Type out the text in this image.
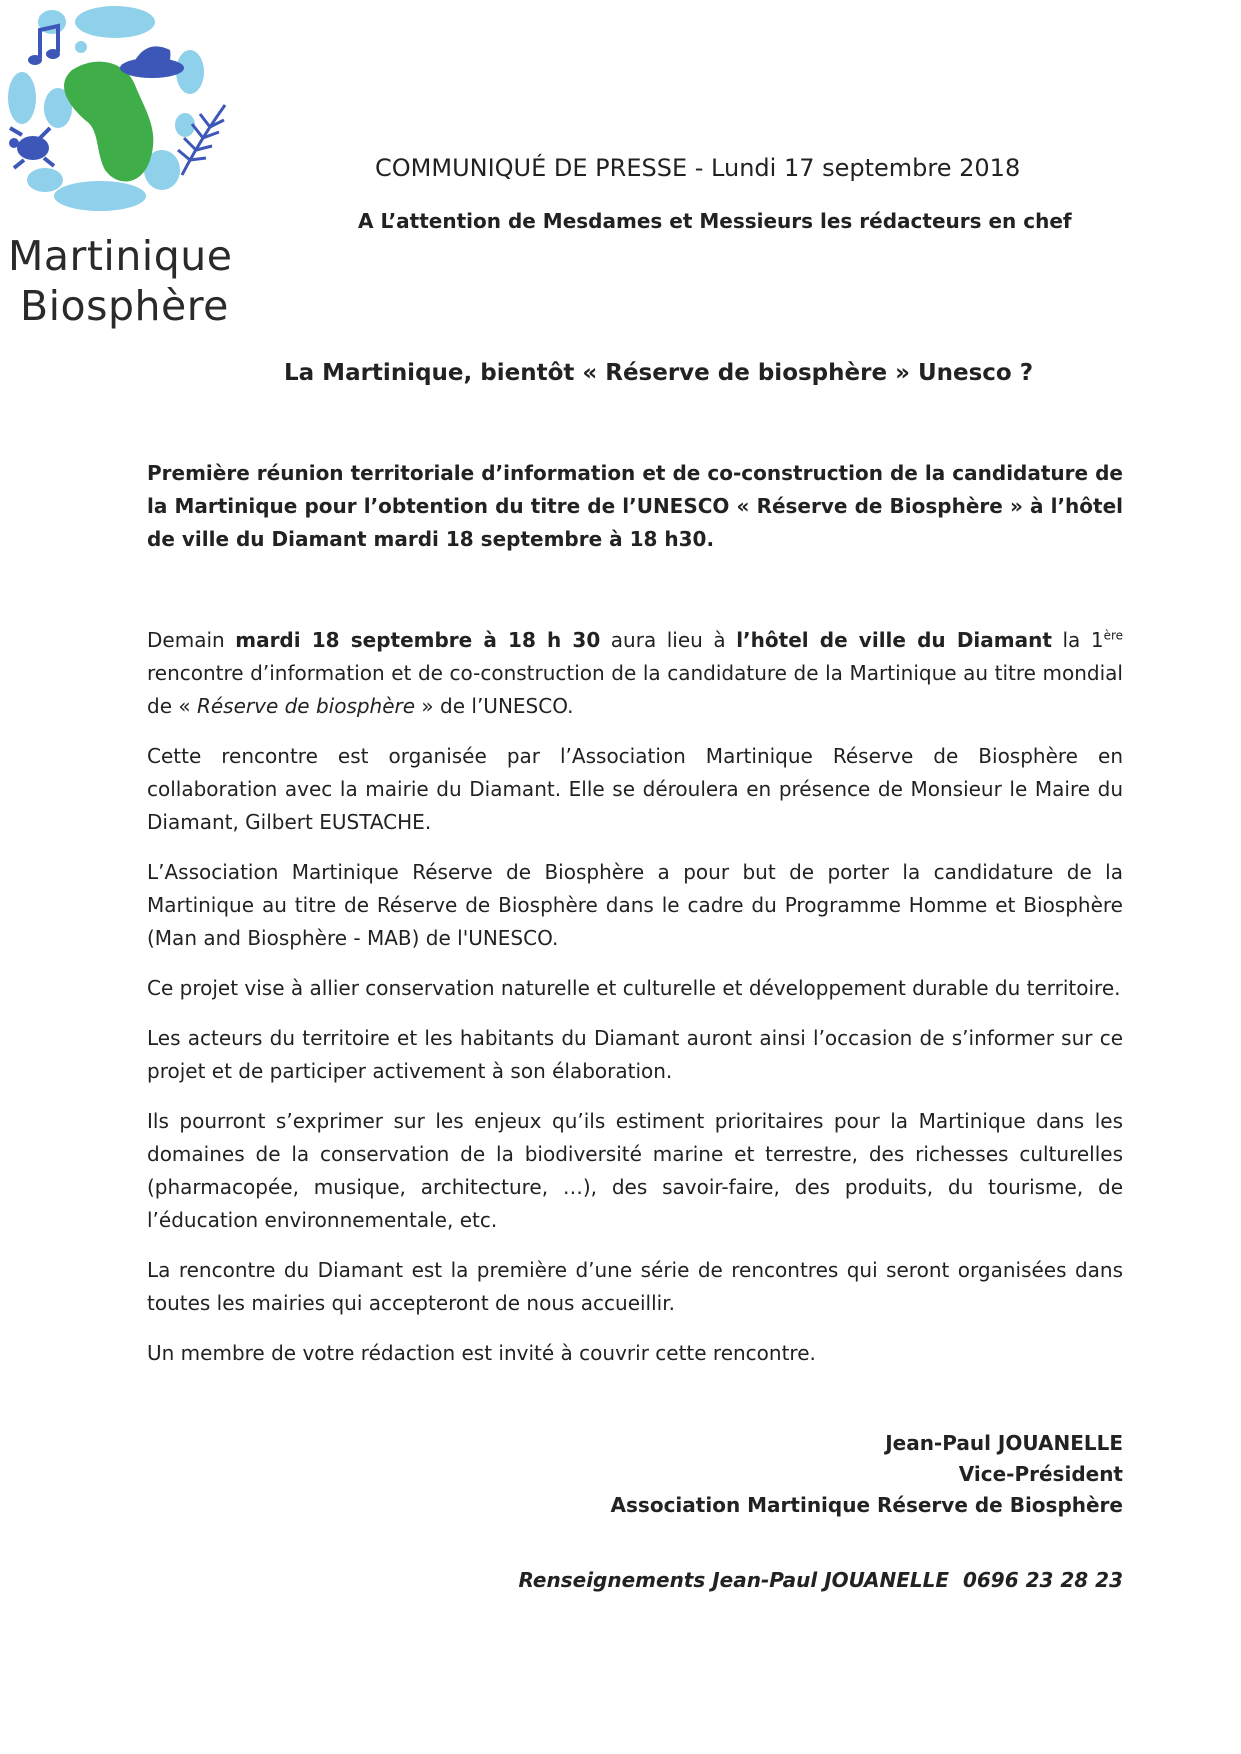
Martinique
Biosphère
COMMUNIQUÉ DE PRESSE - Lundi 17 septembre 2018
A L’attention de Mesdames et Messieurs les rédacteurs en chef
La Martinique, bientôt « Réserve de biosphère » Unesco ?
Première réunion territoriale d’information et de co-construction de la candidature de la Martinique pour l’obtention du titre de l’UNESCO « Réserve de Biosphère » à l’hôtel de ville du Diamant mardi 18 septembre à 18 h30.

Demain mardi 18 septembre à 18 h 30 aura lieu à l’hôtel de ville du Diamant la 1ère rencontre d’information et de co-construction de la candidature de la Martinique au titre mondial de « Réserve de biosphère » de l’UNESCO.

Cette rencontre est organisée par l’Association Martinique Réserve de Biosphère en collaboration avec la mairie du Diamant. Elle se déroulera en présence de Monsieur le Maire du Diamant, Gilbert EUSTACHE.

L’Association Martinique Réserve de Biosphère a pour but de porter la candidature de la Martinique au titre de Réserve de Biosphère dans le cadre du Programme Homme et Biosphère (Man and Biosphère - MAB) de l'UNESCO.

Ce projet vise à allier conservation naturelle et culturelle et développement durable du territoire.

Les acteurs du territoire et les habitants du Diamant auront ainsi l’occasion de s’informer sur ce projet et de participer activement à son élaboration.

Ils pourront s’exprimer sur les enjeux qu’ils estiment prioritaires pour la Martinique dans les domaines de la conservation de la biodiversité marine et terrestre, des richesses culturelles (pharmacopée, musique, architecture, …), des savoir-faire, des produits, du tourisme, de l’éducation environnementale, etc.

La rencontre du Diamant est la première d’une série de rencontres qui seront organisées dans toutes les mairies qui accepteront de nous accueillir.

Un membre de votre rédaction est invité à couvrir cette rencontre.

Jean-Paul JOUANELLE
Vice-Président
Association Martinique Réserve de Biosphère
Renseignements Jean-Paul JOUANELLE  0696 23 28 23
